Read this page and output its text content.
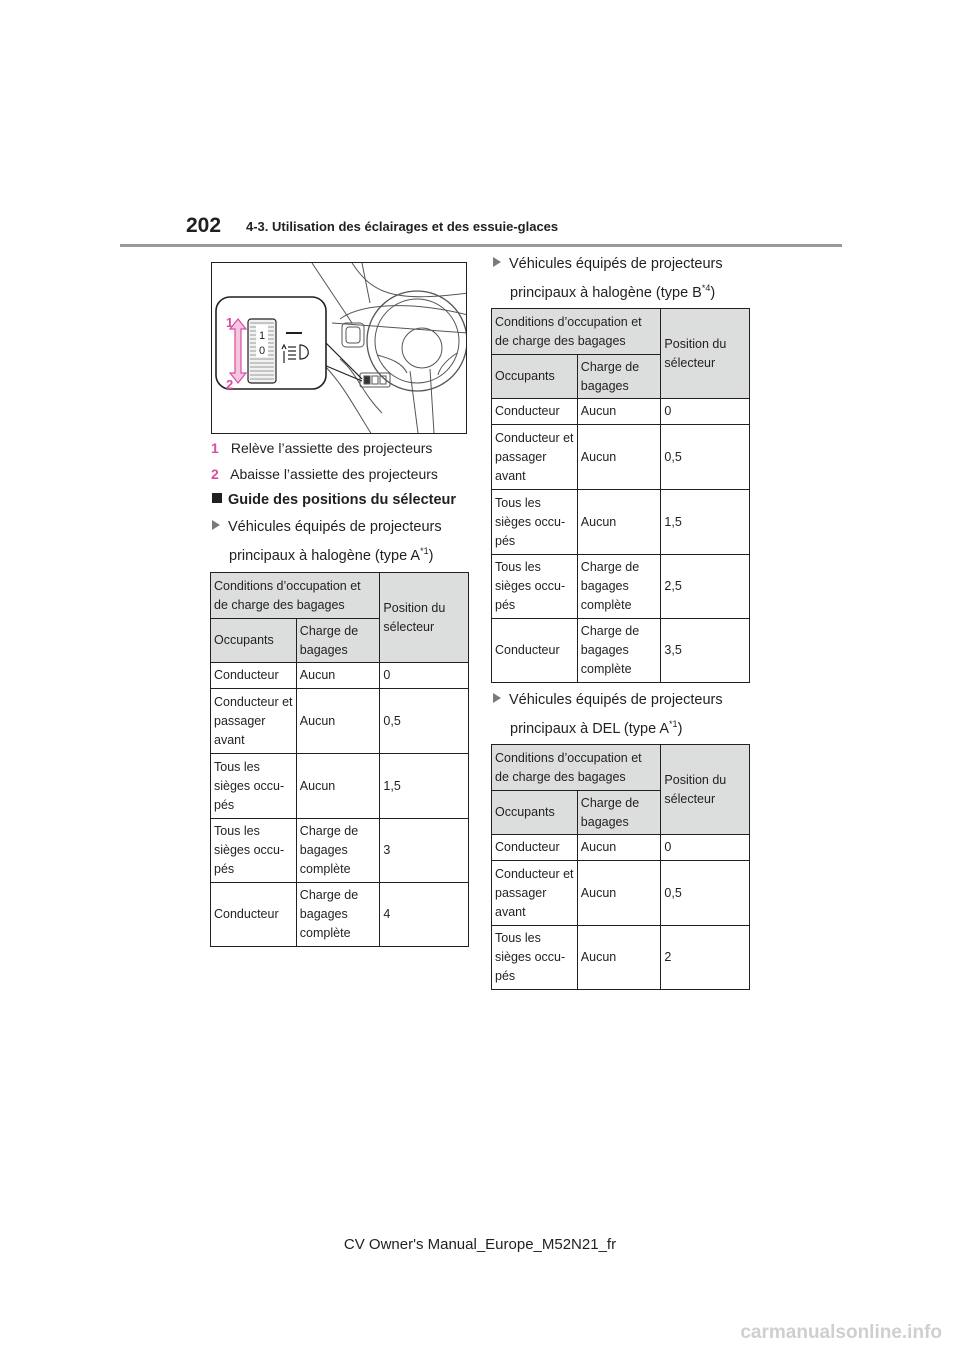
202 4-3. Utilisation des éclairages et des essuie-glaces
1
0
1
2
1 Relève l’assiette des projecteurs
2 Abaisse l’assiette des projecteurs
Guide des positions du sélecteur
Véhicules équipés de projecteurs
principaux à halogène (type $A^{*1}$)
Conditions d’occupation et de charge des bagages		Position du sélecteur
Occupants	Charge de bagages	
Conducteur	Aucun	0
Conducteur et passager avant	Aucun	0,5
Tous les sièges occu-pés	Aucun	1,5
Tous les sièges occu-pés	Charge de bagages complète	3
Conducteur	Charge de bagages complète	4
Véhicules équipés de projecteurs
principaux à halogène (type $B^{*4}$)
Conditions d’occupation et de charge des bagages		Position du sélecteur
Occupants	Charge de bagages	
Conducteur	Aucun	0
Conducteur et passager avant	Aucun	0,5
Tous les sièges occu-pés	Aucun	1,5
Tous les sièges occu-pés	Charge de bagages complète	2,5
Conducteur	Charge de bagages complète	3,5
Véhicules équipés de projecteurs
principaux à DEL (type $A^{*1}$)
Conditions d’occupation et de charge des bagages		Position du sélecteur
Occupants	Charge de bagages	
Conducteur	Aucun	0
Conducteur et passager avant	Aucun	0,5
Tous les sièges occu-pés	Aucun	2
CV Owner's Manual_Europe_M52N21_fr
carmanualsonline.info
